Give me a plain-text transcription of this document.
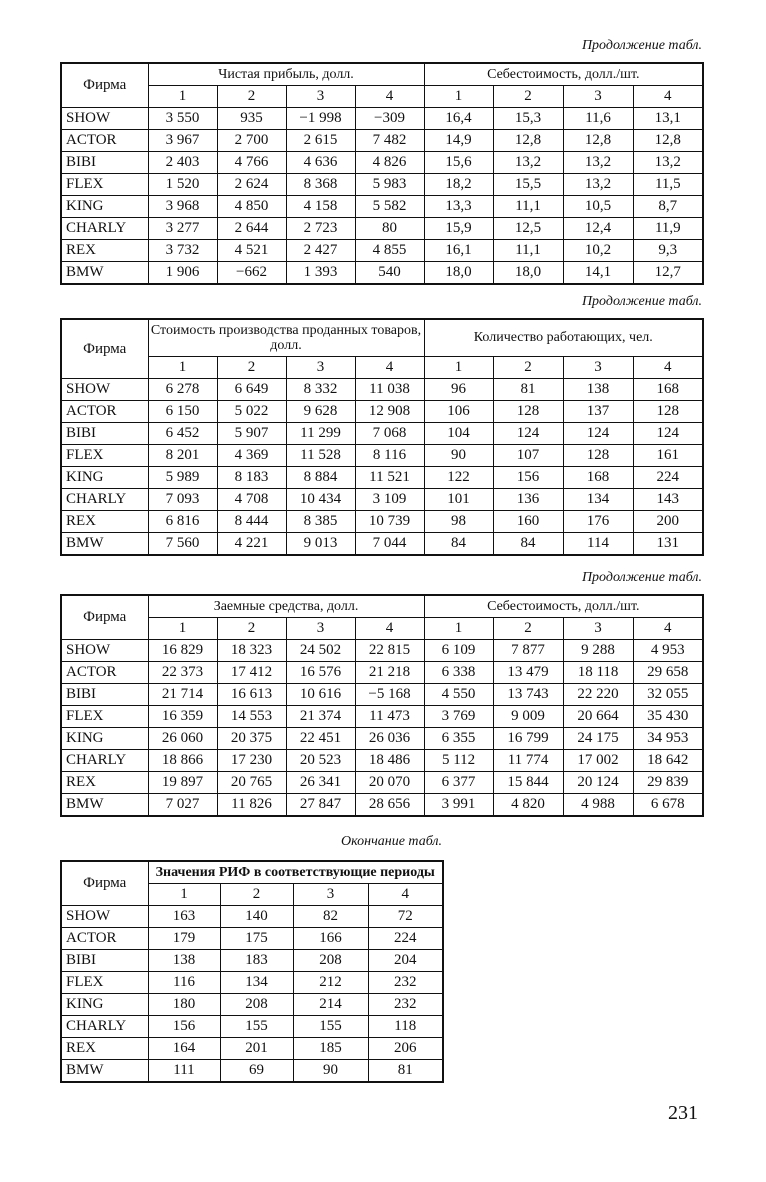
Продолжение табл.
Фирма	Чистая прибыль, долл.				Себестоимость, долл./шт.			
	1	2	3	4	1	2	3	4
SHOW	3 550	935	−1 998	−309	16,4	15,3	11,6	13,1
ACTOR	3 967	2 700	2 615	7 482	14,9	12,8	12,8	12,8
BIBI	2 403	4 766	4 636	4 826	15,6	13,2	13,2	13,2
FLEX	1 520	2 624	8 368	5 983	18,2	15,5	13,2	11,5
KING	3 968	4 850	4 158	5 582	13,3	11,1	10,5	8,7
CHARLY	3 277	2 644	2 723	80	15,9	12,5	12,4	11,9
REX	3 732	4 521	2 427	4 855	16,1	11,1	10,2	9,3
BMW	1 906	−662	1 393	540	18,0	18,0	14,1	12,7
Продолжение табл.
Фирма	Стоимость производства проданных товаров, долл.				Количество работающих, чел.			
	1	2	3	4	1	2	3	4
SHOW	6 278	6 649	8 332	11 038	96	81	138	168
ACTOR	6 150	5 022	9 628	12 908	106	128	137	128
BIBI	6 452	5 907	11 299	7 068	104	124	124	124
FLEX	8 201	4 369	11 528	8 116	90	107	128	161
KING	5 989	8 183	8 884	11 521	122	156	168	224
CHARLY	7 093	4 708	10 434	3 109	101	136	134	143
REX	6 816	8 444	8 385	10 739	98	160	176	200
BMW	7 560	4 221	9 013	7 044	84	84	114	131
Продолжение табл.
Фирма	Заемные средства, долл.				Себестоимость, долл./шт.			
	1	2	3	4	1	2	3	4
SHOW	16 829	18 323	24 502	22 815	6 109	7 877	9 288	4 953
ACTOR	22 373	17 412	16 576	21 218	6 338	13 479	18 118	29 658
BIBI	21 714	16 613	10 616	−5 168	4 550	13 743	22 220	32 055
FLEX	16 359	14 553	21 374	11 473	3 769	9 009	20 664	35 430
KING	26 060	20 375	22 451	26 036	6 355	16 799	24 175	34 953
CHARLY	18 866	17 230	20 523	18 486	5 112	11 774	17 002	18 642
REX	19 897	20 765	26 341	20 070	6 377	15 844	20 124	29 839
BMW	7 027	11 826	27 847	28 656	3 991	4 820	4 988	6 678
Окончание табл.
Фирма	Значения РИФ в соответствующие периоды			
	1	2	3	4
SHOW	163	140	82	72
ACTOR	179	175	166	224
BIBI	138	183	208	204
FLEX	116	134	212	232
KING	180	208	214	232
CHARLY	156	155	155	118
REX	164	201	185	206
BMW	111	69	90	81
231
